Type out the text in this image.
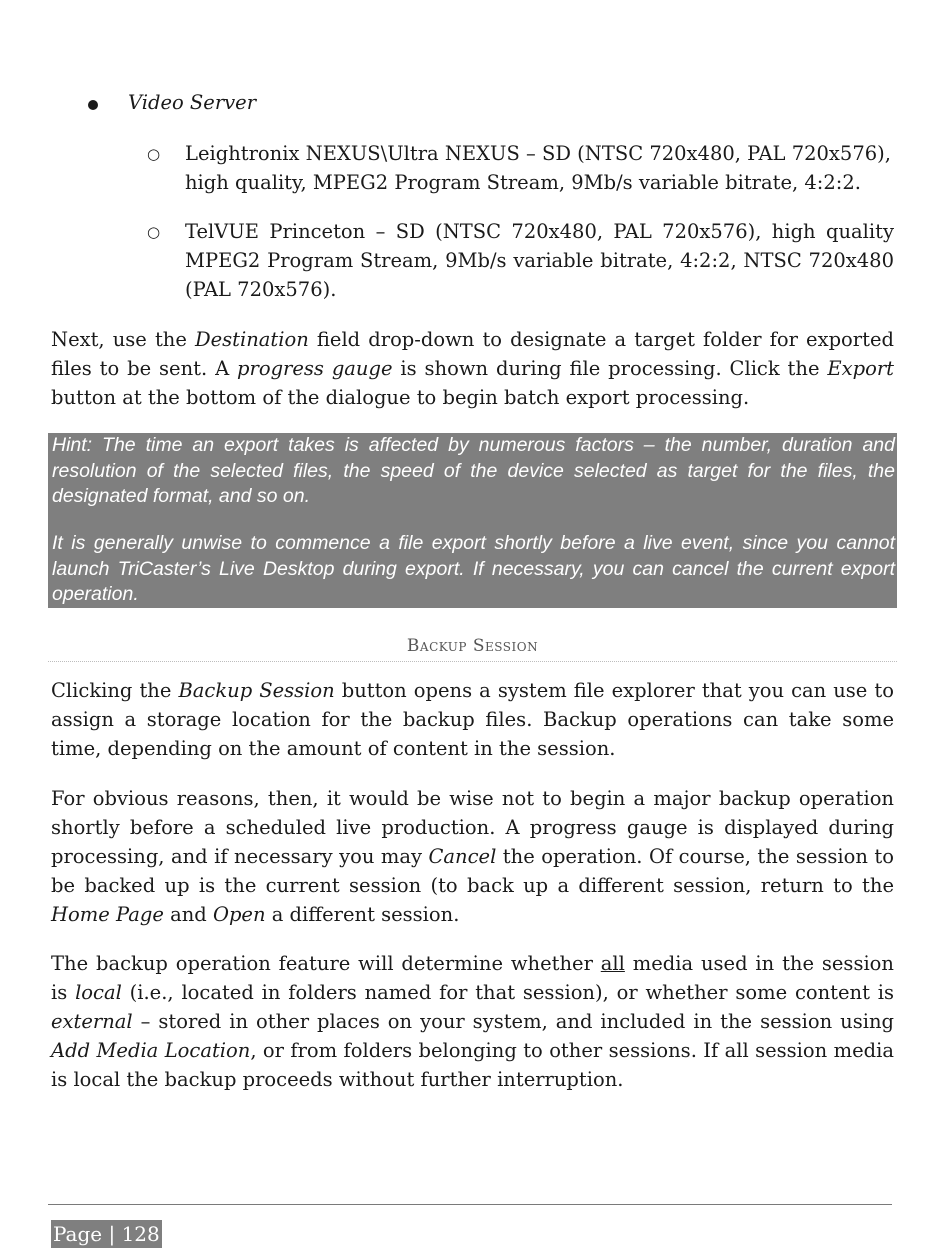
Video Server
○ Leightronix NEXUS\Ultra NEXUS – SD (NTSC 720x480, PAL 720x576),
high quality, MPEG2 Program Stream, 9Mb/s variable bitrate, 4:2:2.
○ TelVUE Princeton – SD (NTSC 720x480, PAL 720x576), high quality MPEG2 Program Stream, 9Mb/s variable bitrate, 4:2:2, NTSC 720x480 (PAL 720x576).
Next, use the Destination field drop-down to designate a target folder for exported files to be sent. A progress gauge is shown during file processing. Click the Export button at the bottom of the dialogue to begin batch export processing.

Hint: The time an export takes is affected by numerous factors – the number, duration and resolution of the selected files, the speed of the device selected as target for the files, the designated format, and so on.

It is generally unwise to commence a file export shortly before a live event, since you cannot launch TriCaster’s Live Desktop during export. If necessary, you can cancel the current export operation.

Backup Session
Clicking the Backup Session button opens a system file explorer that you can use to assign a storage location for the backup files. Backup operations can take some time, depending on the amount of content in the session.
For obvious reasons, then, it would be wise not to begin a major backup operation shortly before a scheduled live production. A progress gauge is displayed during processing, and if necessary you may Cancel the operation. Of course, the session to be backed up is the current session (to back up a different session, return to the Home Page and Open a different session.
The backup operation feature will determine whether all media used in the session is local (i.e., located in folders named for that session), or whether some content is external – stored in other places on your system, and included in the session using Add Media Location, or from folders belonging to other sessions. If all session media is local the backup proceeds without further interruption.
Page | 128
